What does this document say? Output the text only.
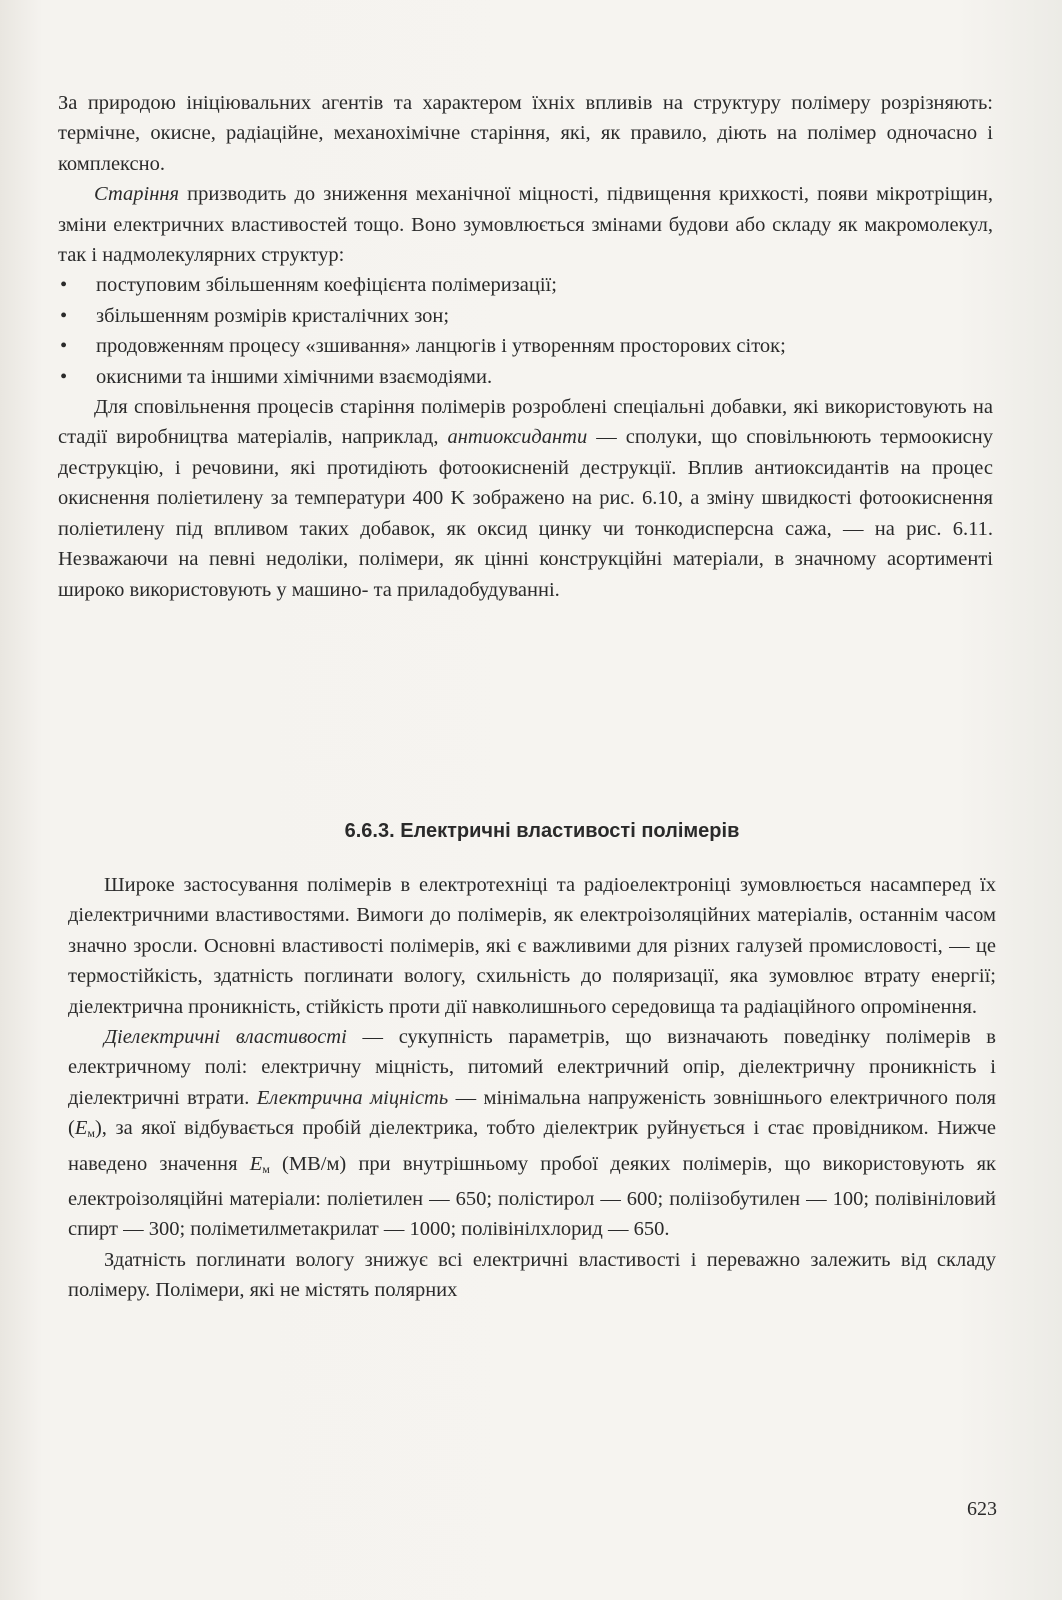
За природою ініціювальних агентів та характером їхніх впливів на структуру полімеру розрізняють: термічне, окисне, радіаційне, механохімічне старіння, які, як правило, діють на полімер одночасно і комплексно.

Старіння призводить до зниження механічної міцності, підвищення крихкості, появи мікротріщин, зміни електричних властивостей тощо. Воно зумовлюється змінами будови або складу як макромолекул, так і надмолекулярних структур:

• поступовим збільшенням коефіцієнта полімеризації;
• збільшенням розмірів кристалічних зон;
• продовженням процесу «зшивання» ланцюгів і утворенням просторових сіток;
• окисними та іншими хімічними взаємодіями.

Для сповільнення процесів старіння полімерів розроблені спеціальні добавки, які використовують на стадії виробництва матеріалів, наприклад, антиоксиданти — сполуки, що сповільнюють термоокисну деструкцію, і речовини, які протидіють фотоокисненій деструкції. Вплив антиоксидантів на процес окиснення поліетилену за температури 400 K зображено на рис. 6.10, а зміну швидкості фотоокиснення поліетилену під впливом таких добавок, як оксид цинку чи тонкодисперсна сажа, — на рис. 6.11. Незважаючи на певні недоліки, полімери, як цінні конструкційні матеріали, в значному асортименті широко використовують у машино- та приладобудуванні.

6.6.3. Електричні властивості полімерів

Широке застосування полімерів в електротехніці та радіоелектроніці зумовлюється насамперед їх діелектричними властивостями. Вимоги до полімерів, як електроізоляційних матеріалів, останнім часом значно зросли. Основні властивості полімерів, які є важливими для різних галузей промисловості, — це термостійкість, здатність поглинати вологу, схильність до поляризації, яка зумовлює втрату енергії; діелектрична проникність, стійкість проти дії навколишнього середовища та радіаційного опромінення.

Діелектричні властивості — сукупність параметрів, що визначають поведінку полімерів в електричному полі: електричну міцність, питомий електричний опір, діелектричну проникність і діелектричні втрати. Електрична міцність — мінімальна напруженість зовнішнього електричного поля $(E_м)$, за якої відбувається пробій діелектрика, тобто діелектрик руйнується і стає провідником. Нижче наведено значення $E_м$ (МВ/м) при внутрішньому пробої деяких полімерів, що використовують як електроізоляційні матеріали: поліетилен — 650; полістирол — 600; поліізобутилен — 100; полівініловий спирт — 300; поліметилметакрилат — 1000; полівінілхлорид — 650.

Здатність поглинати вологу знижує всі електричні властивості і переважно залежить від складу полімеру. Полімери, які не містять полярних

623
